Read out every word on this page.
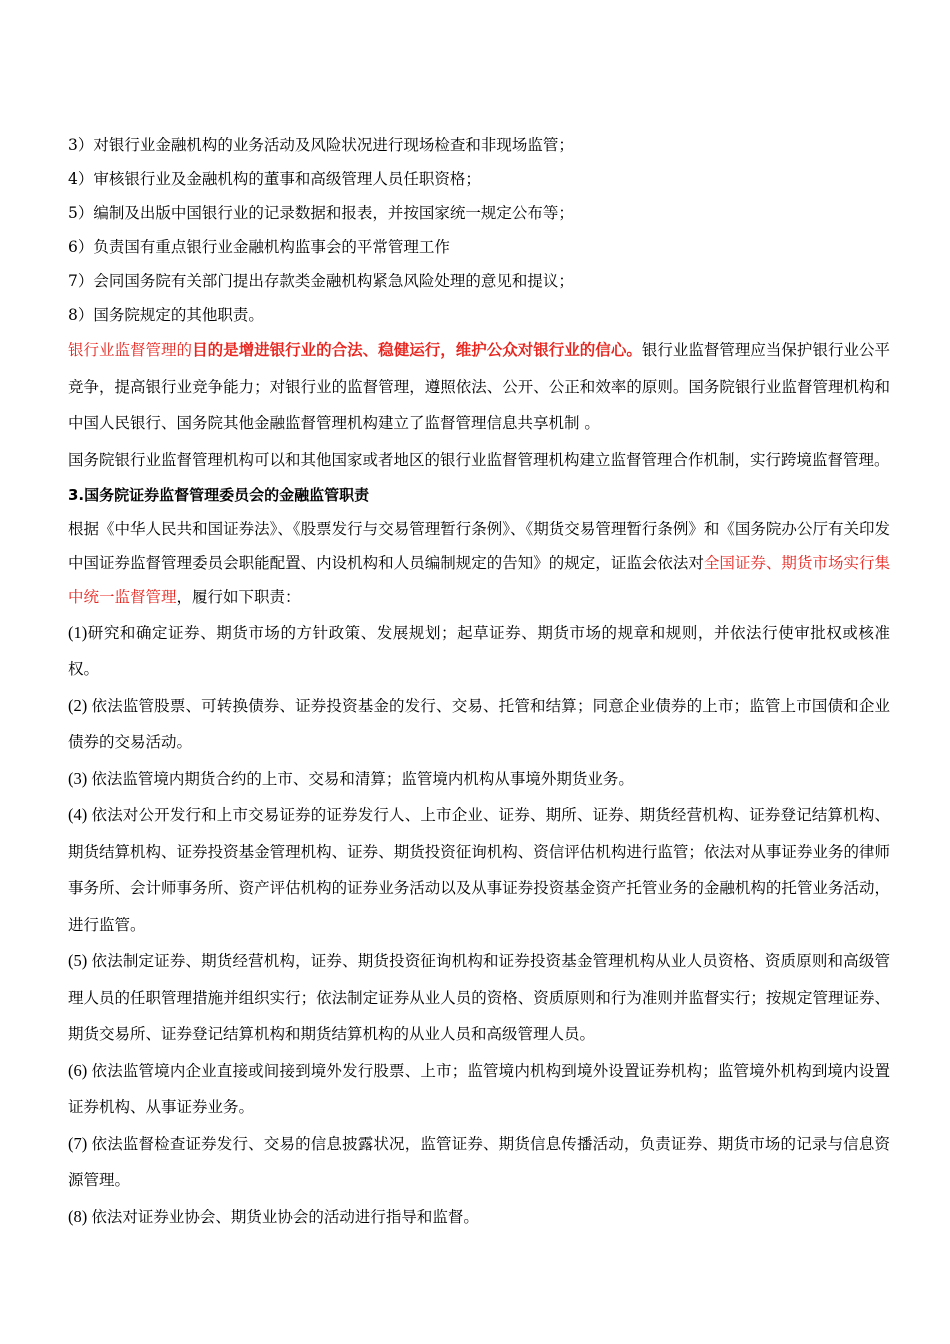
3）对银行业金融机构的业务活动及风险状况进行现场检查和非现场监管；
4）审核银行业及金融机构的董事和高级管理人员任职资格；
5）编制及出版中国银行业的记录数据和报表，并按国家统一规定公布等；
6）负责国有重点银行业金融机构监事会的平常管理工作
7）会同国务院有关部门提出存款类金融机构紧急风险处理的意见和提议；
8）国务院规定的其他职责。

银行业监督管理的目的是增进银行业的合法、稳健运行，维护公众对银行业的信心。银行业监督管理应当保护银行业公平竞争，提高银行业竞争能力；对银行业的监督管理，遵照依法、公开、公正和效率的原则。国务院银行业监督管理机构和中国人民银行、国务院其他金融监督管理机构建立了监督管理信息共享机制 。

国务院银行业监督管理机构可以和其他国家或者地区的银行业监督管理机构建立监督管理合作机制，实行跨境监督管理。

3.国务院证券监督管理委员会的金融监管职责

根据《中华人民共和国证券法》、《股票发行与交易管理暂行条例》、《期货交易管理暂行条例》和《国务院办公厅有关印发中国证券监督管理委员会职能配置、内设机构和人员编制规定的告知》的规定，证监会依法对全国证券、期货市场实行集中统一监督管理，履行如下职责：

(1)研究和确定证券、期货市场的方针政策、发展规划；起草证券、期货市场的规章和规则，并依法行使审批权或核准权。

(2) 依法监管股票、可转换债券、证券投资基金的发行、交易、托管和结算；同意企业债券的上市；监管上市国债和企业债券的交易活动。

(3) 依法监管境内期货合约的上市、交易和清算；监管境内机构从事境外期货业务。

(4) 依法对公开发行和上市交易证券的证券发行人、上市企业、证券、期所、证券、期货经营机构、证券登记结算机构、期货结算机构、证券投资基金管理机构、证券、期货投资征询机构、资信评估机构进行监管；依法对从事证券业务的律师事务所、会计师事务所、资产评估机构的证券业务活动以及从事证券投资基金资产托管业务的金融机构的托管业务活动，进行监管。

(5) 依法制定证券、期货经营机构，证券、期货投资征询机构和证券投资基金管理机构从业人员资格、资质原则和高级管理人员的任职管理措施并组织实行；依法制定证券从业人员的资格、资质原则和行为准则并监督实行；按规定管理证券、期货交易所、证券登记结算机构和期货结算机构的从业人员和高级管理人员。

(6) 依法监管境内企业直接或间接到境外发行股票、上市；监管境内机构到境外设置证券机构；监管境外机构到境内设置证券机构、从事证券业务。

(7) 依法监督检查证券发行、交易的信息披露状况，监管证券、期货信息传播活动，负责证券、期货市场的记录与信息资源管理。

(8) 依法对证券业协会、期货业协会的活动进行指导和监督。
